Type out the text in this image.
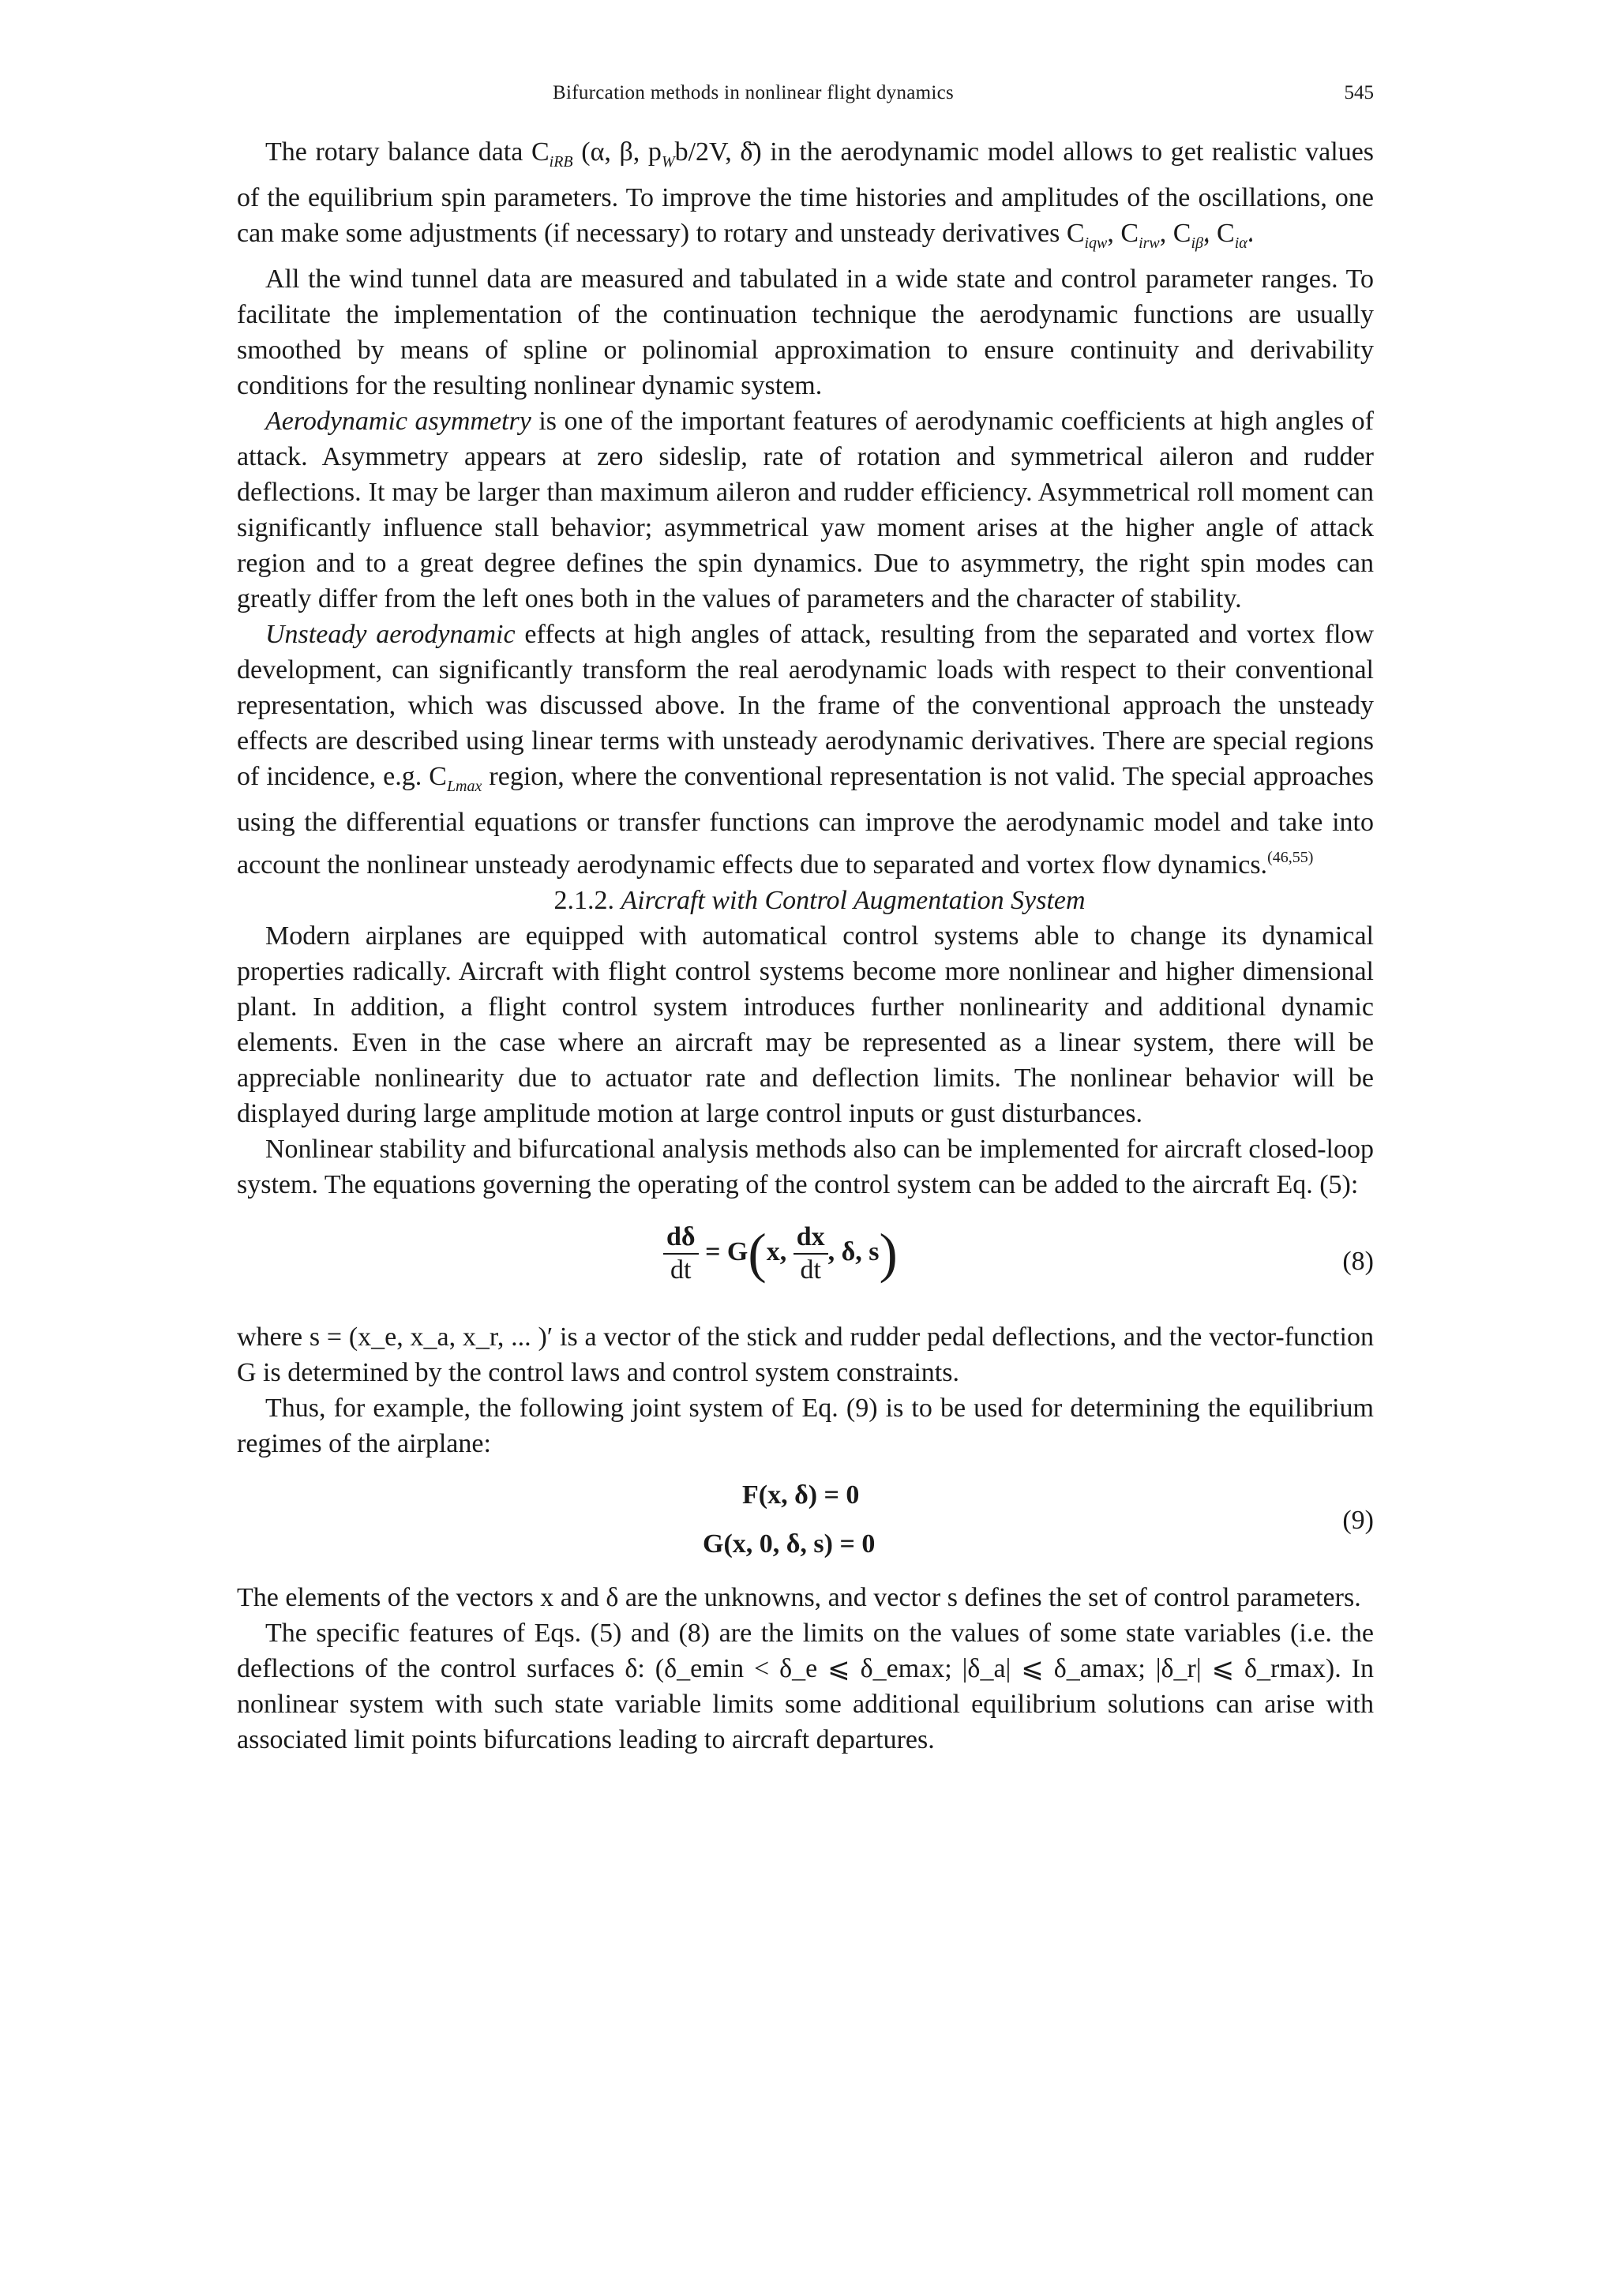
Bifurcation methods in nonlinear flight dynamics	545

The rotary balance data $C_{iRB}$ (α, β, $p_Wb/2V$, δ̄) in the aerodynamic model allows to get realistic values of the equilibrium spin parameters. To improve the time histories and amplitudes of the oscillations, one can make some adjustments (if necessary) to rotary and unsteady derivatives $C_{iqw}$, $C_{irw}$, $C_{i\betȧ}$, $C_{i\alphȧ}$.

All the wind tunnel data are measured and tabulated in a wide state and control parameter ranges. To facilitate the implementation of the continuation technique the aerodynamic functions are usually smoothed by means of spline or polinomial approximation to ensure continuity and derivability conditions for the resulting nonlinear dynamic system.

Aerodynamic asymmetry is one of the important features of aerodynamic coefficients at high angles of attack. Asymmetry appears at zero sideslip, rate of rotation and symmetrical aileron and rudder deflections. It may be larger than maximum aileron and rudder efficiency. Asymmetrical roll moment can significantly influence stall behavior; asymmetrical yaw moment arises at the higher angle of attack region and to a great degree defines the spin dynamics. Due to asymmetry, the right spin modes can greatly differ from the left ones both in the values of parameters and the character of stability.

Unsteady aerodynamic effects at high angles of attack, resulting from the separated and vortex flow development, can significantly transform the real aerodynamic loads with respect to their conventional representation, which was discussed above. In the frame of the conventional approach the unsteady effects are described using linear terms with unsteady aerodynamic derivatives. There are special regions of incidence, e.g. $C_{Lmax}$ region, where the conventional representation is not valid. The special approaches using the differential equations or transfer functions can improve the aerodynamic model and take into account the nonlinear unsteady aerodynamic effects due to separated and vortex flow dynamics.$^{(46,55)}$

2.1.2. Aircraft with Control Augmentation System

Modern airplanes are equipped with automatical control systems able to change its dynamical properties radically. Aircraft with flight control systems become more nonlinear and higher dimensional plant. In addition, a flight control system introduces further nonlinearity and additional dynamic elements. Even in the case where an aircraft may be represented as a linear system, there will be appreciable nonlinearity due to actuator rate and deflection limits. The nonlinear behavior will be displayed during large amplitude motion at large control inputs or gust disturbances.

Nonlinear stability and bifurcational analysis methods also can be implemented for aircraft closed-loop system. The equations governing the operating of the control system can be added to the aircraft Eq. (5):

$\frac{d\delta}{dt} = G(x$, $\frac{dx}{dt}$ , δ, s)	(8)

where s = (x_e, x_a, x_r, ... )′ is a vector of the stick and rudder pedal deflections, and the vector-function G is determined by the control laws and control system constraints.

Thus, for example, the following joint system of Eq. (9) is to be used for determining the equilibrium regimes of the airplane:

F(x, δ) = 0
G(x, 0, δ, s) = 0
(9)

The elements of the vectors x and δ are the unknowns, and vector s defines the set of control parameters.

The specific features of Eqs. (5) and (8) are the limits on the values of some state variables (i.e. the deflections of the control surfaces δ: (δ_emin < δ_e ⩽ δ_emax; |δ_a| ⩽ δ_amax; |δ_r| ⩽ δ_rmax). In nonlinear system with such state variable limits some additional equilibrium solutions can arise with associated limit points bifurcations leading to aircraft departures.
